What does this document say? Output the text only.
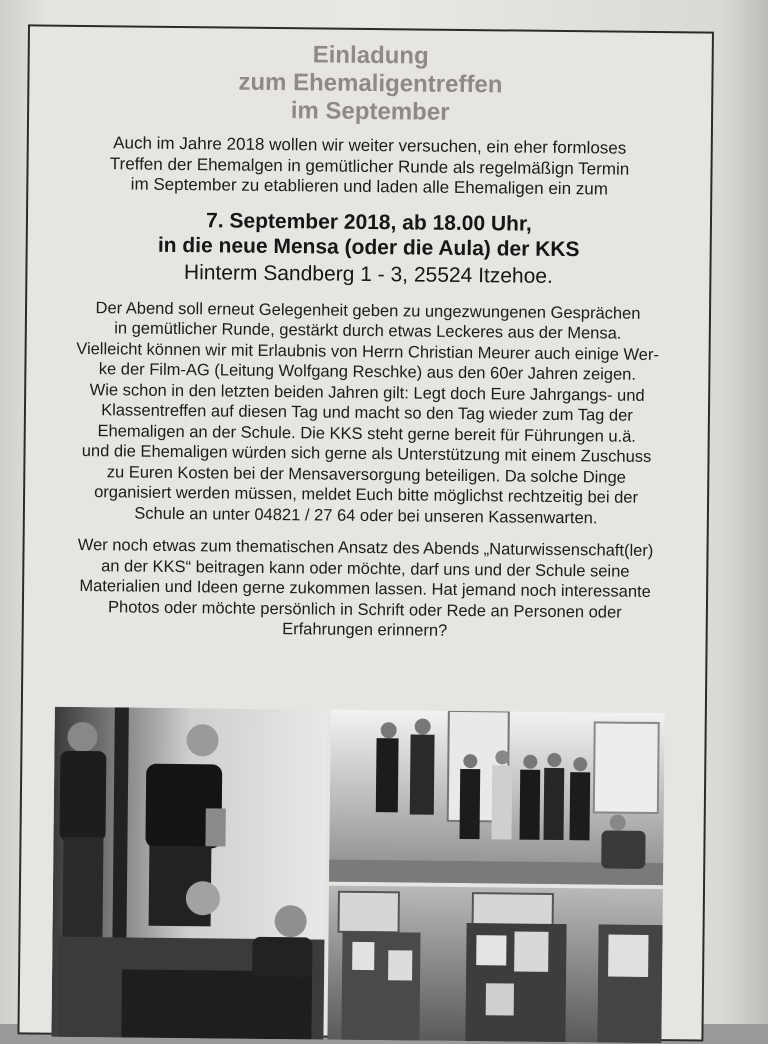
Einladung
zum Ehemaligentreffen
im September
Auch im Jahre 2018 wollen wir weiter versuchen, ein eher formloses
Treffen der Ehemalgen in gemütlicher Runde als regelmäßign Termin
im September zu etablieren und laden alle Ehemaligen ein zum
7. September 2018, ab 18.00 Uhr,
in die neue Mensa (oder die Aula) der KKS
Hinterm Sandberg 1 - 3, 25524 Itzehoe.
Der Abend soll erneut Gelegenheit geben zu ungezwungenen Gesprächen
in gemütlicher Runde, gestärkt durch etwas Leckeres aus der Mensa.
Vielleicht können wir mit Erlaubnis von Herrn Christian Meurer auch einige Wer-
ke der Film-AG (Leitung Wolfgang Reschke) aus den 60er Jahren zeigen.
Wie schon in den letzten beiden Jahren gilt: Legt doch Eure Jahrgangs- und
Klassentreffen auf diesen Tag und macht so den Tag wieder zum Tag der
Ehemaligen an der Schule. Die KKS steht gerne bereit für Führungen u.ä.
und die Ehemaligen würden sich gerne als Unterstützung mit einem Zuschuss
zu Euren Kosten bei der Mensaversorgung beteiligen. Da solche Dinge
organisiert werden müssen, meldet Euch bitte möglichst rechtzeitig bei der
Schule an unter 04821 / 27 64 oder bei unseren Kassenwarten.
Wer noch etwas zum thematischen Ansatz des Abends „Naturwissenschaft(ler)
an der KKS“ beitragen kann oder möchte, darf uns und der Schule seine
Materialien und Ideen gerne zukommen lassen. Hat jemand noch interessante
Photos oder möchte persönlich in Schrift oder Rede an Personen oder
Erfahrungen erinnern?
